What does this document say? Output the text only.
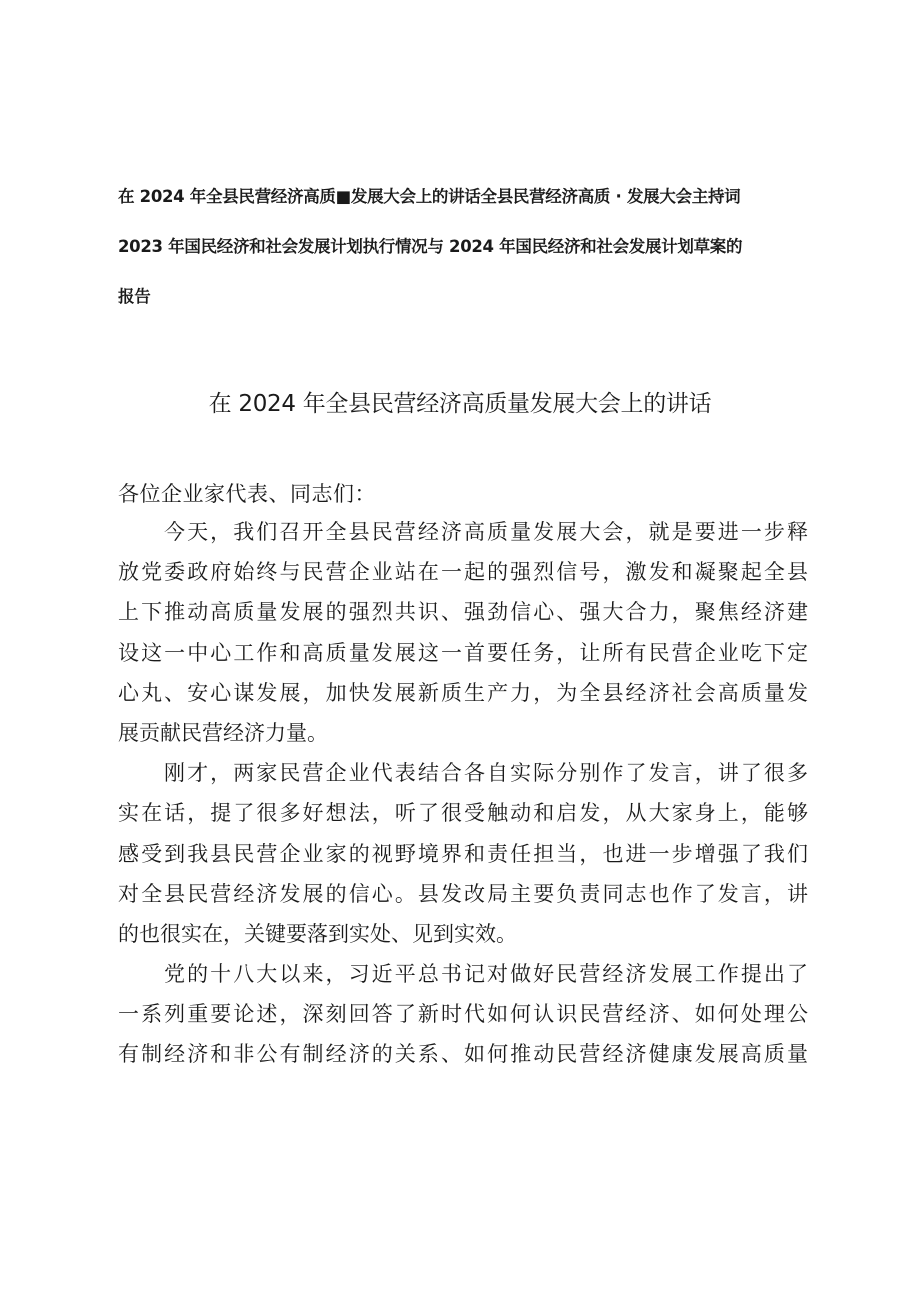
在 2024 年全县民营经济高质■发展大会上的讲话全县民营经济高质 · 发展大会主持词
2023 年国民经济和社会发展计划执行情况与 2024 年国民经济和社会发展计划草案的
报告
在 2024 年全县民营经济高质量发展大会上的讲话
各位企业家代表、同志们：
今天，我们召开全县民营经济高质量发展大会，就是要进一步释
放党委政府始终与民营企业站在一起的强烈信号，激发和凝聚起全县
上下推动高质量发展的强烈共识、强劲信心、强大合力，聚焦经济建
设这一中心工作和高质量发展这一首要任务，让所有民营企业吃下定
心丸、安心谋发展，加快发展新质生产力，为全县经济社会高质量发
展贡献民营经济力量。
刚才，两家民营企业代表结合各自实际分别作了发言，讲了很多
实在话，提了很多好想法，听了很受触动和启发，从大家身上，能够
感受到我县民营企业家的视野境界和责任担当，也进一步增强了我们
对全县民营经济发展的信心。县发改局主要负责同志也作了发言，讲
的也很实在，关键要落到实处、见到实效。
党的十八大以来，习近平总书记对做好民营经济发展工作提出了
一系列重要论述，深刻回答了新时代如何认识民营经济、如何处理公
有制经济和非公有制经济的关系、如何推动民营经济健康发展高质量
